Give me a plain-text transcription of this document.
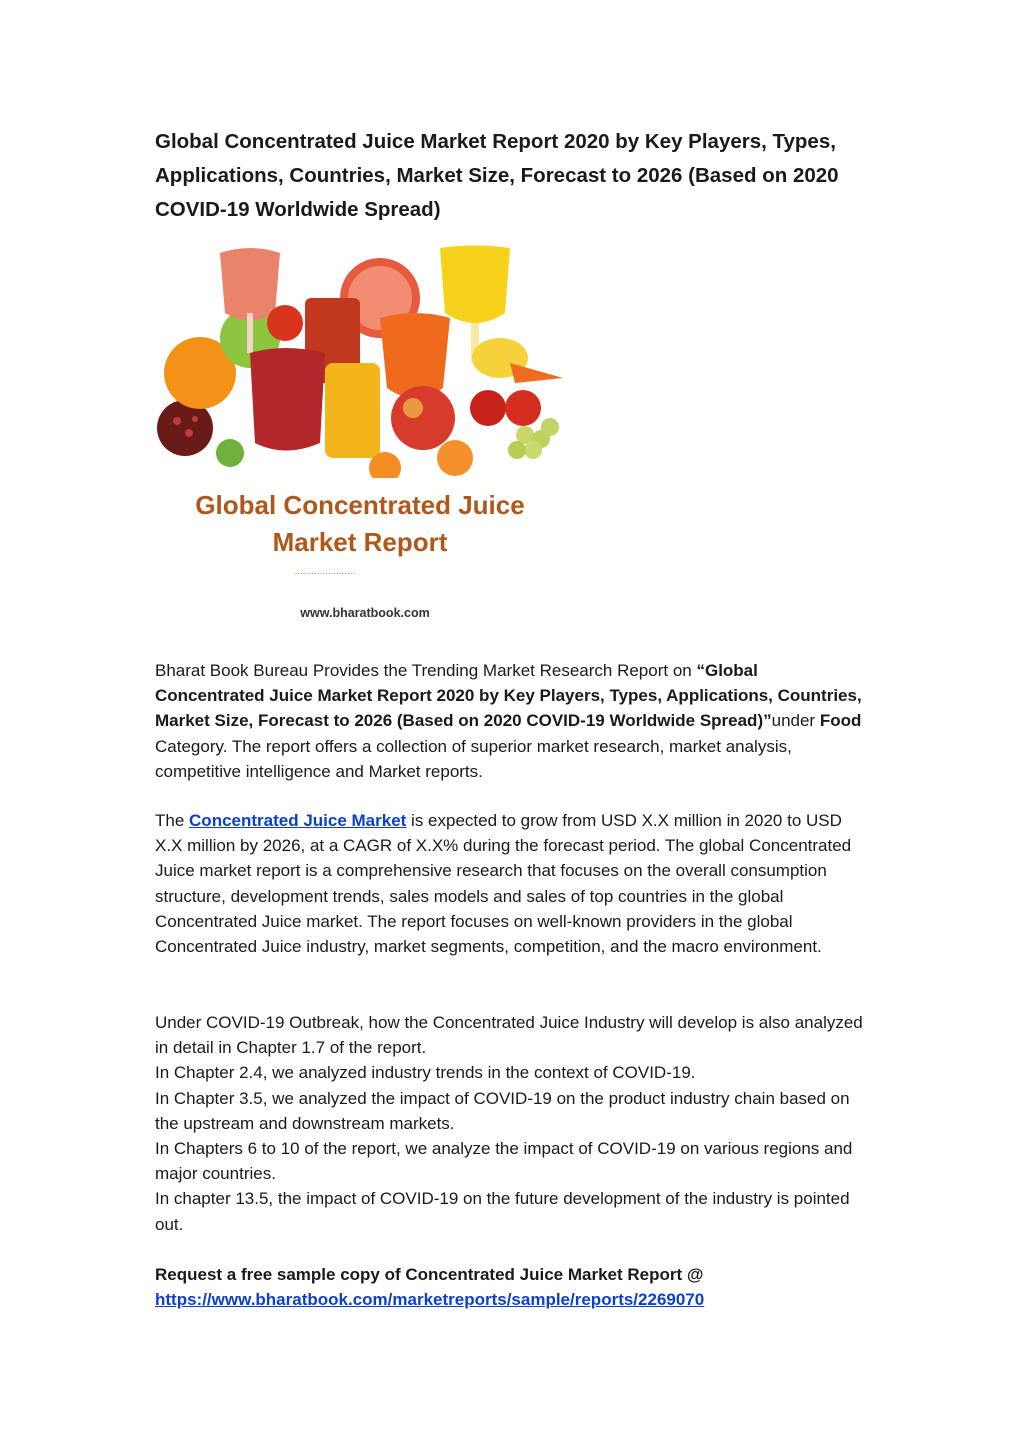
Global Concentrated Juice Market Report 2020 by Key Players, Types, Applications, Countries, Market Size, Forecast to 2026 (Based on 2020 COVID-19 Worldwide Spread)
Global Concentrated Juice
Market Report
......................
www.bharatbook.com

Bharat Book Bureau Provides the Trending Market Research Report on “Global Concentrated Juice Market Report 2020 by Key Players, Types, Applications, Countries, Market Size, Forecast to 2026 (Based on 2020 COVID-19 Worldwide Spread)”under Food Category. The report offers a collection of superior market research, market analysis, competitive intelligence and Market reports.

The Concentrated Juice Market is expected to grow from USD X.X million in 2020 to USD X.X million by 2026, at a CAGR of X.X% during the forecast period. The global Concentrated Juice market report is a comprehensive research that focuses on the overall consumption structure, development trends, sales models and sales of top countries in the global Concentrated Juice market. The report focuses on well-known providers in the global Concentrated Juice industry, market segments, competition, and the macro environment.

Under COVID-19 Outbreak, how the Concentrated Juice Industry will develop is also analyzed in detail in Chapter 1.7 of the report.
In Chapter 2.4, we analyzed industry trends in the context of COVID-19.
In Chapter 3.5, we analyzed the impact of COVID-19 on the product industry chain based on the upstream and downstream markets.
In Chapters 6 to 10 of the report, we analyze the impact of COVID-19 on various regions and major countries.
In chapter 13.5, the impact of COVID-19 on the future development of the industry is pointed out.

Request a free sample copy of Concentrated Juice Market Report @
https://www.bharatbook.com/marketreports/sample/reports/2269070
